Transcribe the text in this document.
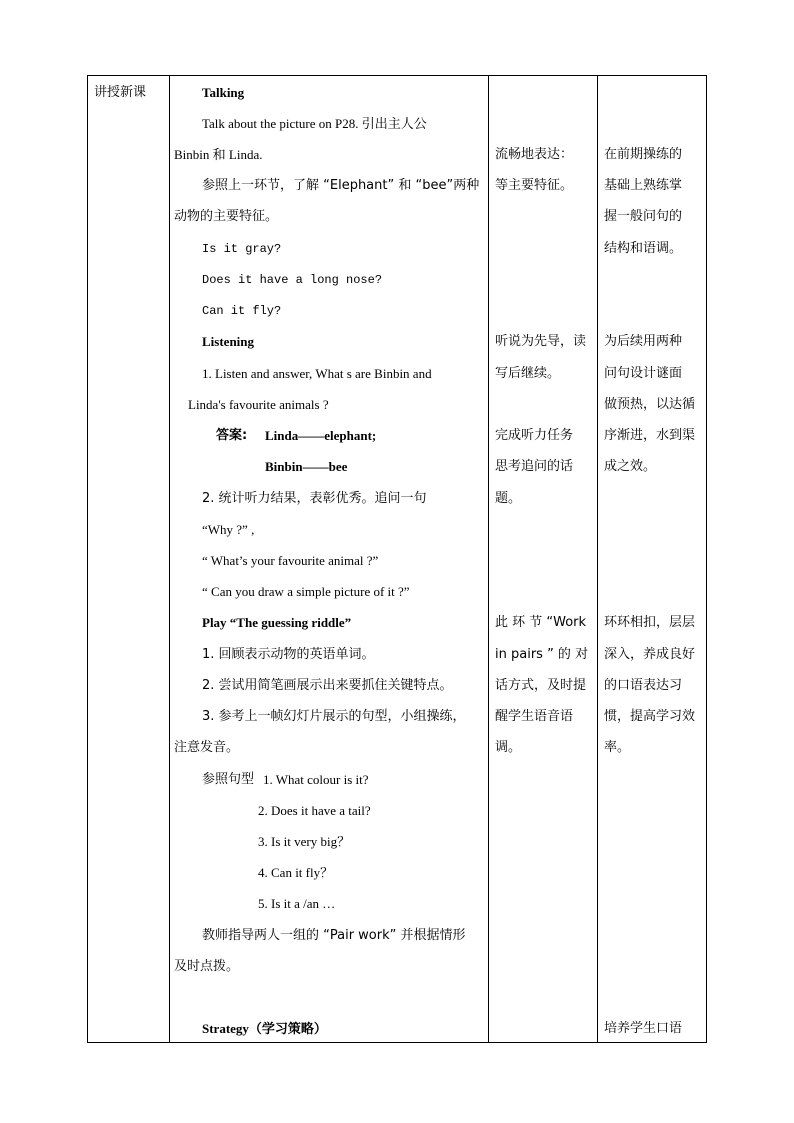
讲授新课	Talking
Talk about the picture on P28. 引出主人公
Binbin 和 Linda.
参照上一环节，了解 “Elephant” 和 “bee”两种
动物的主要特征。
Is it gray?
Does it have a long nose?
Can it fly?
Listening
1. Listen and answer, What s are Binbin and
Linda's favourite animals ?
答案: Linda——elephant;
Binbin——bee
2. 统计听力结果，表彰优秀。追问一句
“Why ?” ,
“ What’s your favourite animal ?”
“ Can you draw a simple picture of it ?”
Play “The guessing riddle”
1. 回顾表示动物的英语单词。
2. 尝试用简笔画展示出来要抓住关键特点。
3. 参考上一帧幻灯片展示的句型，小组操练，
注意发音。
参照句型 1. What colour is it?
2. Does it have a tail?
3. Is it very big？
4. Can it fly？
5. Is it a /an …
教师指导两人一组的 “Pair work” 并根据情形
及时点拨。
Strategy（学习策略）
流畅地表达：
等主要特征。
听说为先导，读
写后继续。
完成听力任务
思考追问的话
题。
此 环 节 “Work
in pairs ” 的 对
话方式，及时提
醒学生语音语
调。
在前期操练的
基础上熟练掌
握一般问句的
结构和语调。
为后续用两种
问句设计谜面
做预热，以达循
序渐进，水到渠
成之效。
环环相扣，层层
深入，养成良好
的口语表达习
惯，提高学习效
率。
培养学生口语
